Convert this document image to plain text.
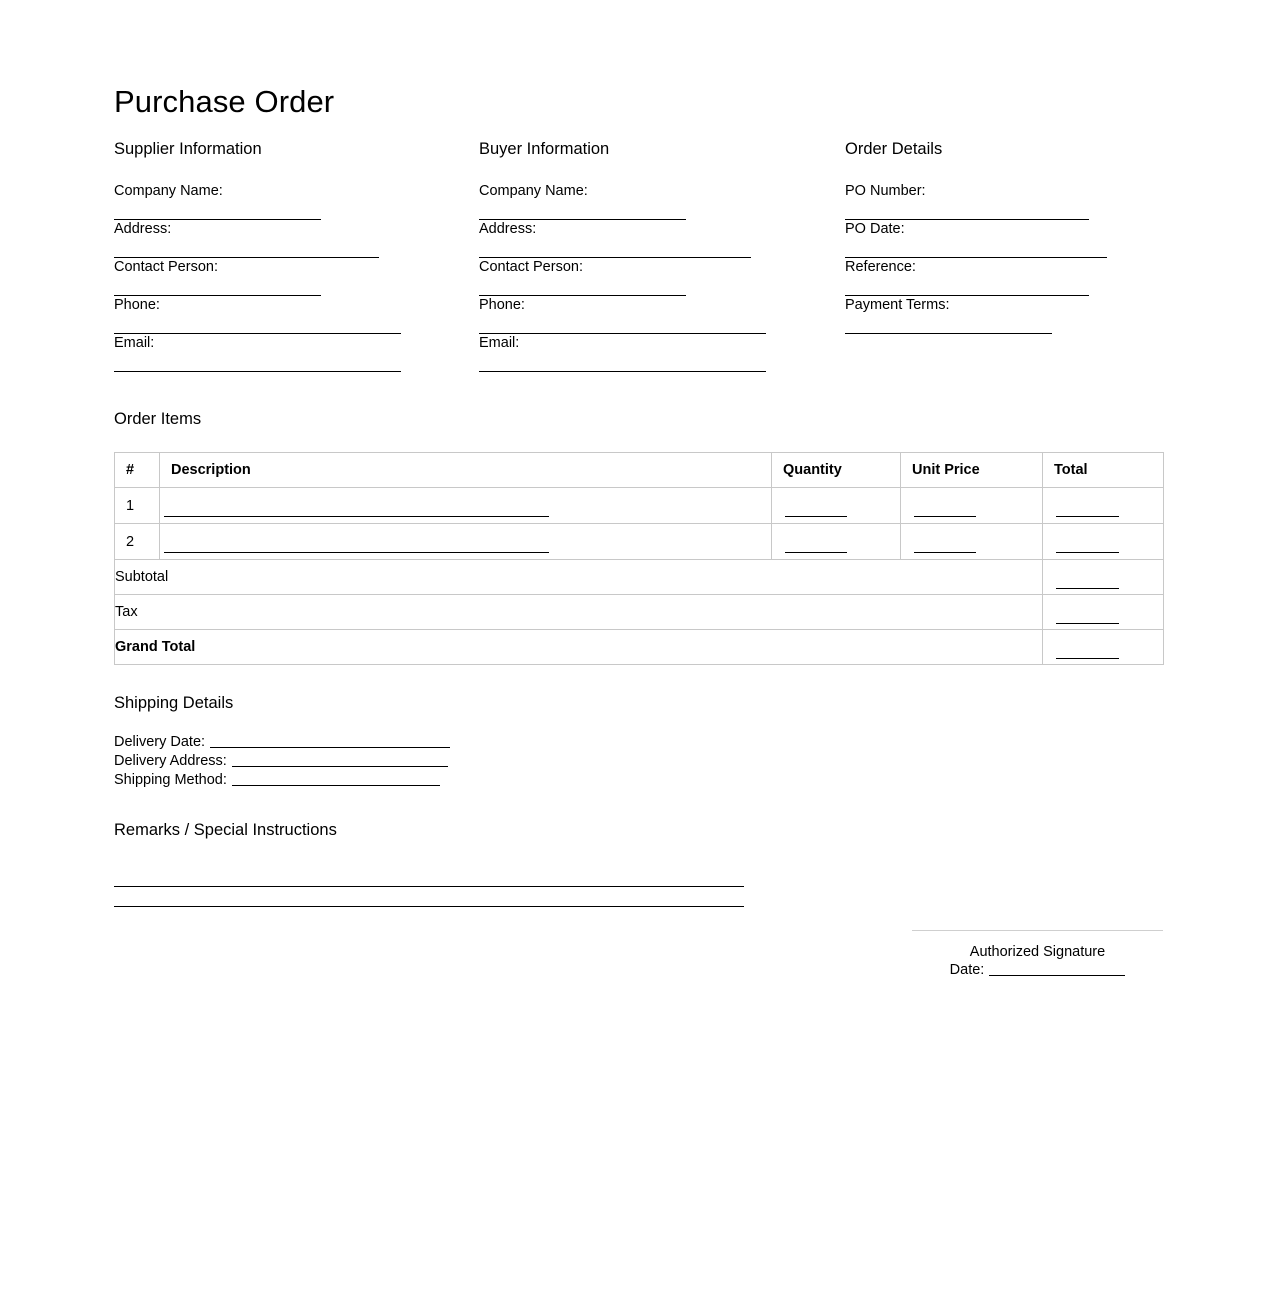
Purchase Order
Supplier Information
Company Name:
Address:
Contact Person:
Phone:
Email:
Buyer Information
Company Name:
Address:
Contact Person:
Phone:
Email:
Order Details
PO Number:
PO Date:
Reference:
Payment Terms:
Order Items
#	Description	Quantity	Unit Price	Total
1	

2	

Subtotal				

Tax				

Grand Total				
Shipping Details
Delivery Date:
Delivery Address:
Shipping Method:
Remarks / Special Instructions
Authorized Signature
Date:
